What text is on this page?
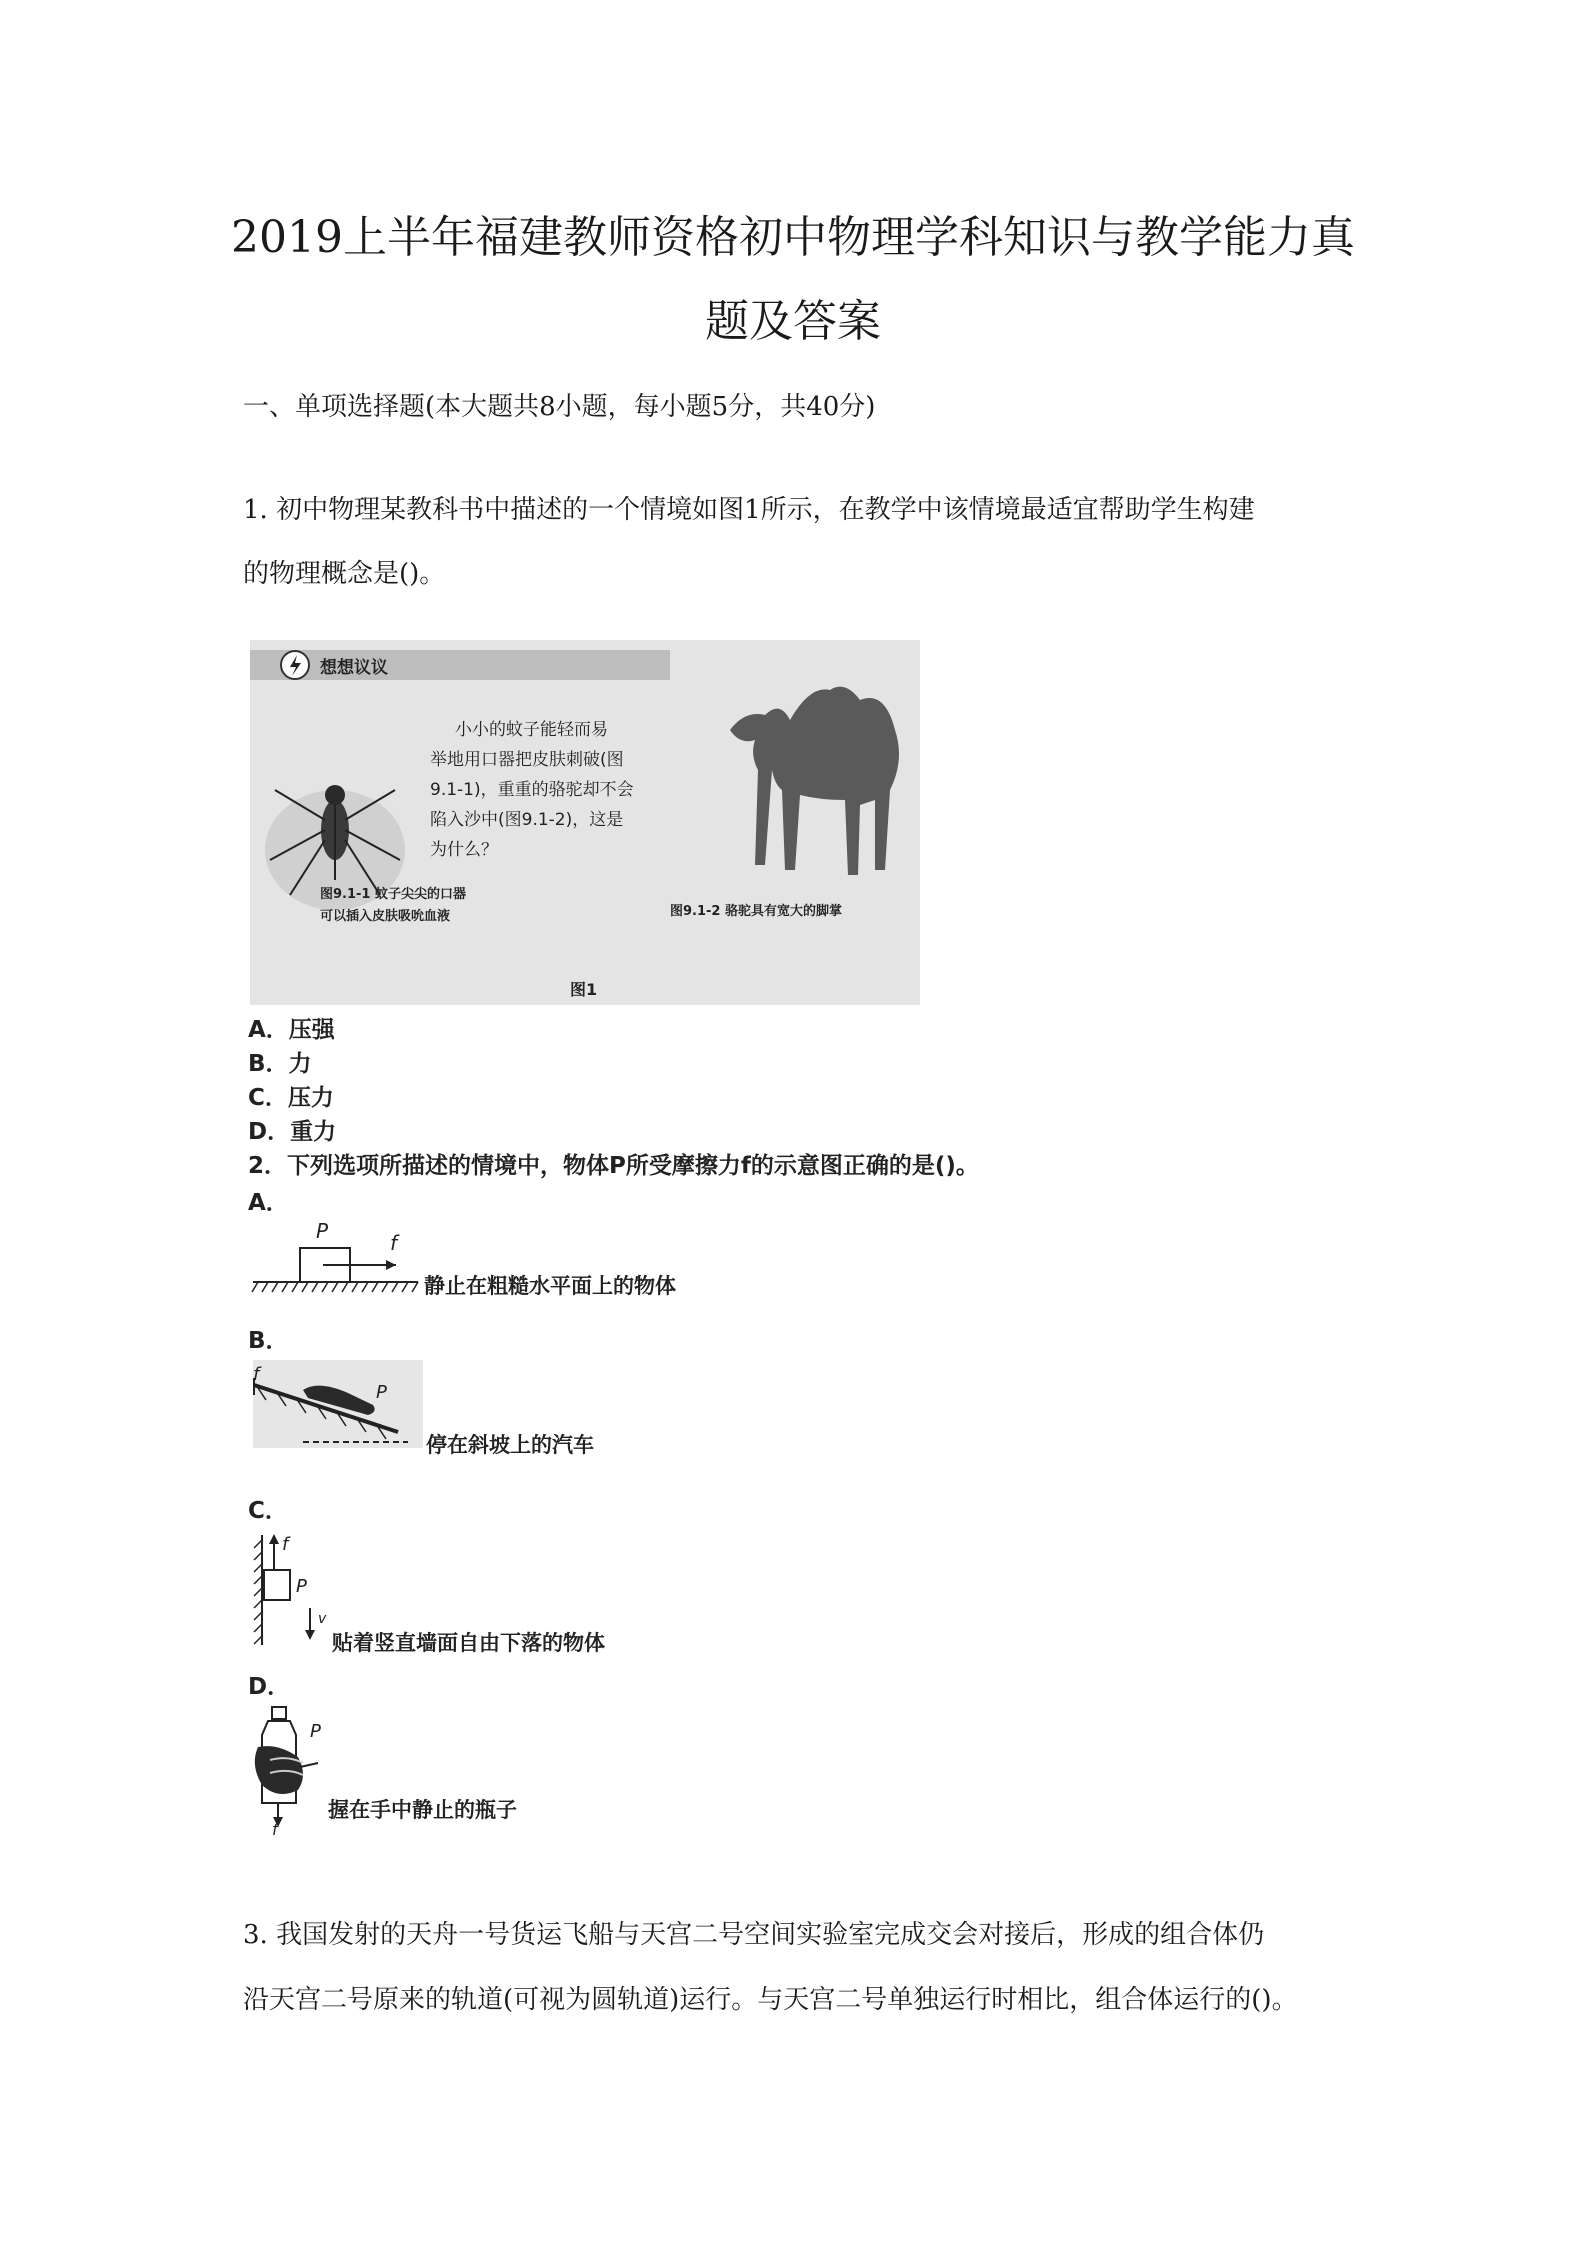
2019上半年福建教师资格初中物理学科知识与教学能力真
题及答案
一、单项选择题(本大题共8小题，每小题5分，共40分)
1. 初中物理某教科书中描述的一个情境如图1所示，在教学中该情境最适宜帮助学生构建
的物理概念是()。
想想议议
小小的蚊子能轻而易
举地用口器把皮肤刺破(图
9.1-1)，重重的骆驼却不会
陷入沙中(图9.1-2)，这是
为什么？
图9.1-1 蚊子尖尖的口器
可以插入皮肤吸吮血液	图9.1-2 骆驼具有宽大的脚掌
图1
A．压强
B．力
C．压力
D．重力
2．下列选项所描述的情境中，物体P所受摩擦力f的示意图正确的是()。
A．
P	f
静止在粗糙水平面上的物体
B．
f
P
停在斜坡上的汽车
C．
f
P
v
贴着竖直墙面自由下落的物体
D．
P
f
握在手中静止的瓶子
3. 我国发射的天舟一号货运飞船与天宫二号空间实验室完成交会对接后，形成的组合体仍
沿天宫二号原来的轨道(可视为圆轨道)运行。与天宫二号单独运行时相比，组合体运行的()。
